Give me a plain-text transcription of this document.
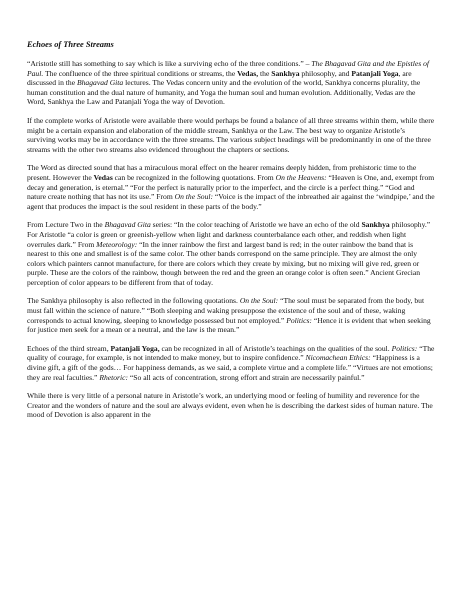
Echoes of Three Streams

“Aristotle still has something to say which is like a surviving echo of the three conditions.” – The Bhagavad Gita and the Epistles of Paul. The confluence of the three spiritual conditions or streams, the Vedas, the Sankhya philosophy, and Patanjali Yoga, are discussed in the Bhagavad Gita lectures. The Vedas concern unity and the evolution of the world, Sankhya concerns plurality, the human constitution and the dual nature of humanity, and Yoga the human soul and human evolution. Additionally, Vedas are the Word, Sankhya the Law and Patanjali Yoga the way of Devotion.

If the complete works of Aristotle were available there would perhaps be found a balance of all three streams within them, while there might be a certain expansion and elaboration of the middle stream, Sankhya or the Law. The best way to organize Aristotle’s surviving works may be in accordance with the three streams. The various subject headings will be predominantly in one of the three streams with the other two streams also evidenced throughout the chapters or sections.

The Word as directed sound that has a miraculous moral effect on the hearer remains deeply hidden, from prehistoric time to the present. However the Vedas can be recognized in the following quotations. From On the Heavens: “Heaven is One, and, exempt from decay and generation, is eternal.” “For the perfect is naturally prior to the imperfect, and the circle is a perfect thing.” “God and nature create nothing that has not its use.” From On the Soul: “Voice is the impact of the inbreathed air against the ‘windpipe,’ and the agent that produces the impact is the soul resident in these parts of the body.”

From Lecture Two in the Bhagavad Gita series: “In the color teaching of Aristotle we have an echo of the old Sankhya philosophy.” For Aristotle “a color is green or greenish-yellow when light and darkness counterbalance each other, and reddish when light overrules dark.” From Meteorology: “In the inner rainbow the first and largest band is red; in the outer rainbow the band that is nearest to this one and smallest is of the same color. The other bands correspond on the same principle. They are almost the only colors which painters cannot manufacture, for there are colors which they create by mixing, but no mixing will give red, green or purple. These are the colors of the rainbow, though between the red and the green an orange color is often seen.” Ancient Grecian perception of color appears to be different from that of today.

The Sankhya philosophy is also reflected in the following quotations. On the Soul: “The soul must be separated from the body, but must fall within the science of nature.” “Both sleeping and waking presuppose the existence of the soul and of these, waking corresponds to actual knowing, sleeping to knowledge possessed but not employed.” Politics: “Hence it is evident that when seeking for justice men seek for a mean or a neutral, and the law is the mean.”

Echoes of the third stream, Patanjali Yoga, can be recognized in all of Aristotle’s teachings on the qualities of the soul. Politics: “The quality of courage, for example, is not intended to make money, but to inspire confidence.” Nicomachean Ethics: “Happiness is a divine gift, a gift of the gods… For happiness demands, as we said, a complete virtue and a complete life.” “Virtues are not emotions; they are real faculties.” Rhetoric: “So all acts of concentration, strong effort and strain are necessarily painful.”

While there is very little of a personal nature in Aristotle’s work, an underlying mood or feeling of humility and reverence for the Creator and the wonders of nature and the soul are always evident, even when he is describing the darkest sides of human nature. The mood of Devotion is also apparent in the
